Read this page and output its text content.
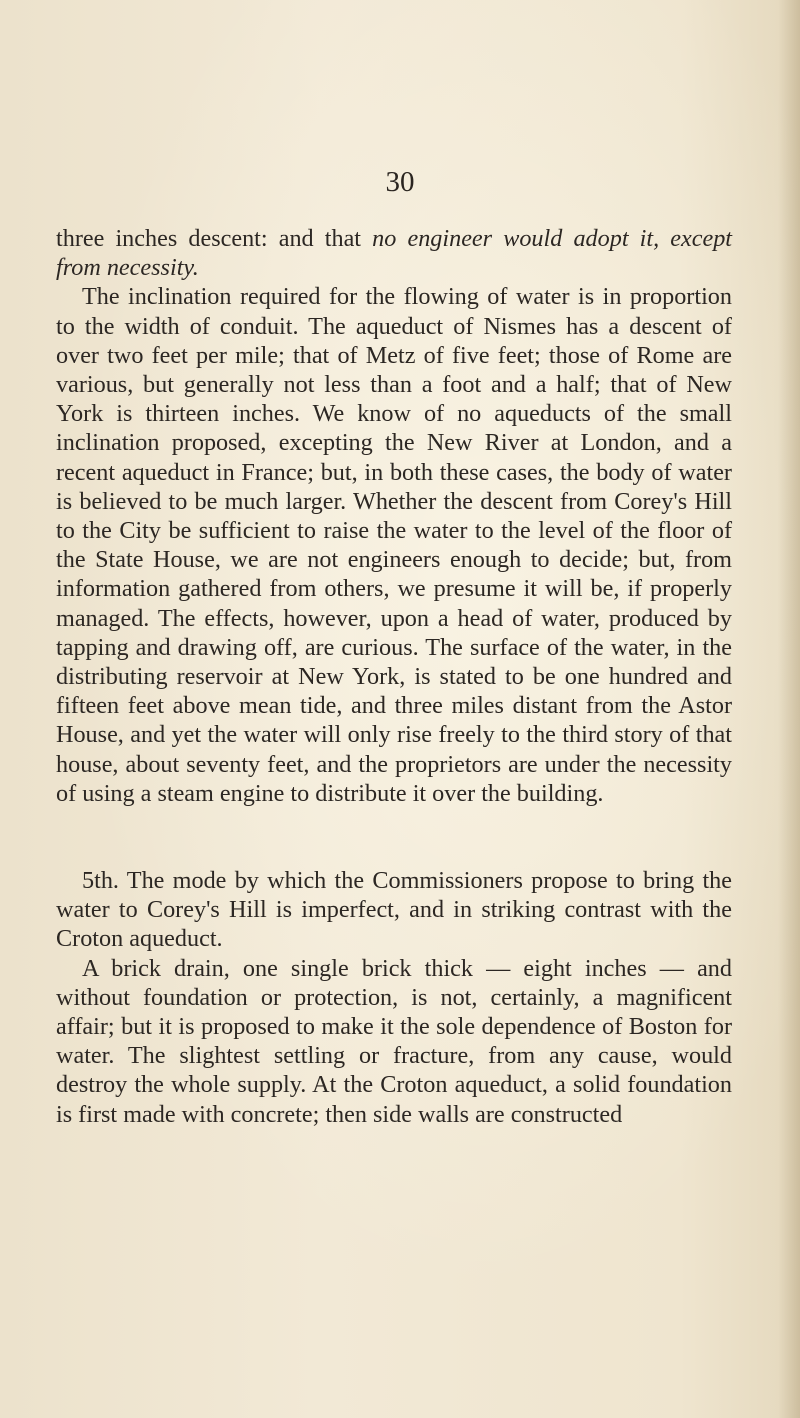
30

three inches descent: and that no engineer would adopt it, except from necessity.

The inclination required for the flowing of water is in proportion to the width of conduit. The aqueduct of Nismes has a descent of over two feet per mile; that of Metz of five feet; those of Rome are various, but generally not less than a foot and a half; that of New York is thirteen inches. We know of no aqueducts of the small inclination proposed, excepting the New River at London, and a recent aqueduct in France; but, in both these cases, the body of water is believed to be much larger. Whether the descent from Corey's Hill to the City be sufficient to raise the water to the level of the floor of the State House, we are not engineers enough to decide; but, from information gathered from others, we presume it will be, if properly managed. The effects, however, upon a head of water, produced by tapping and drawing off, are curious. The surface of the water, in the distributing reservoir at New York, is stated to be one hundred and fifteen feet above mean tide, and three miles distant from the Astor House, and yet the water will only rise freely to the third story of that house, about seventy feet, and the proprietors are under the necessity of using a steam engine to distribute it over the building.

5th. The mode by which the Commissioners propose to bring the water to Corey's Hill is imperfect, and in striking contrast with the Croton aqueduct.

A brick drain, one single brick thick — eight inches — and without foundation or protection, is not, certainly, a magnificent affair; but it is proposed to make it the sole dependence of Boston for water. The slightest settling or fracture, from any cause, would destroy the whole supply. At the Croton aqueduct, a solid foundation is first made with concrete; then side walls are constructed
